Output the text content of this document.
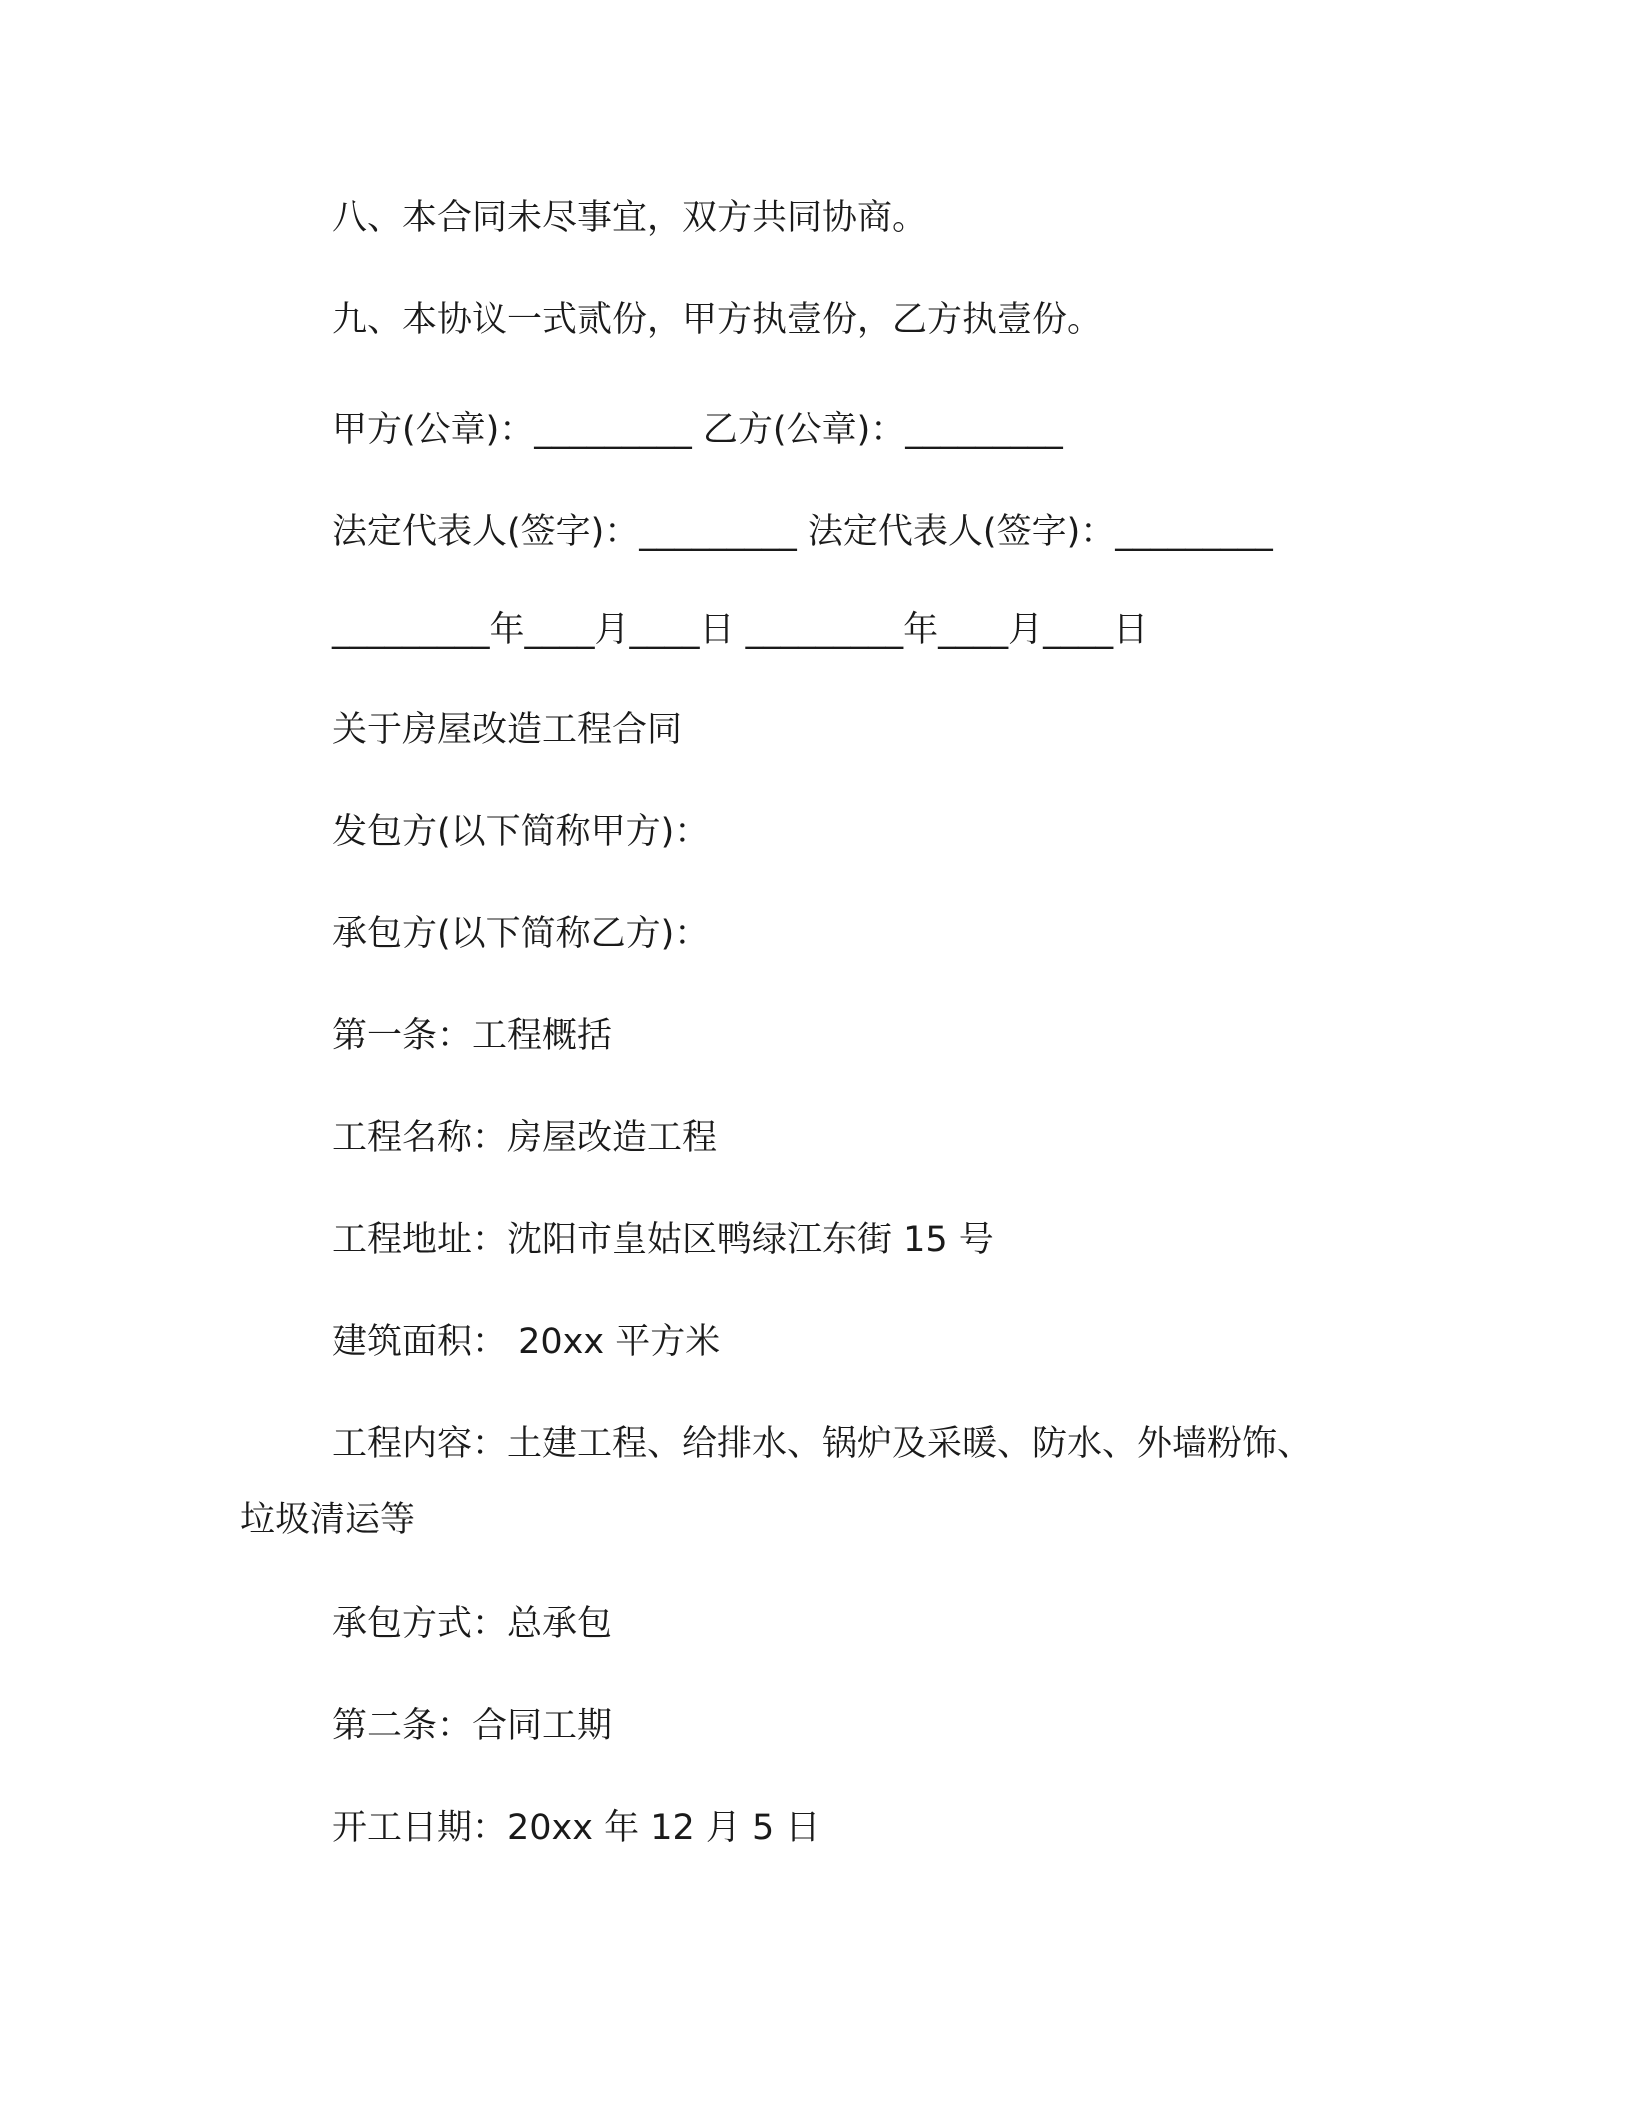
八、本合同未尽事宜，双方共同协商。

九、本协议一式贰份，甲方执壹份，乙方执壹份。

甲方(公章)：_________ 乙方(公章)：_________

法定代表人(签字)：_________ 法定代表人(签字)：_________

_________年____月____日 _________年____月____日

关于房屋改造工程合同

发包方(以下简称甲方)：

承包方(以下简称乙方)：

第一条：工程概括

工程名称：房屋改造工程

工程地址：沈阳市皇姑区鸭绿江东街 15 号

建筑面积： 20xx 平方米

工程内容：土建工程、给排水、锅炉及采暖、防水、外墙粉饰、

垃圾清运等

承包方式：总承包

第二条：合同工期

开工日期：20xx 年 12 月 5 日
